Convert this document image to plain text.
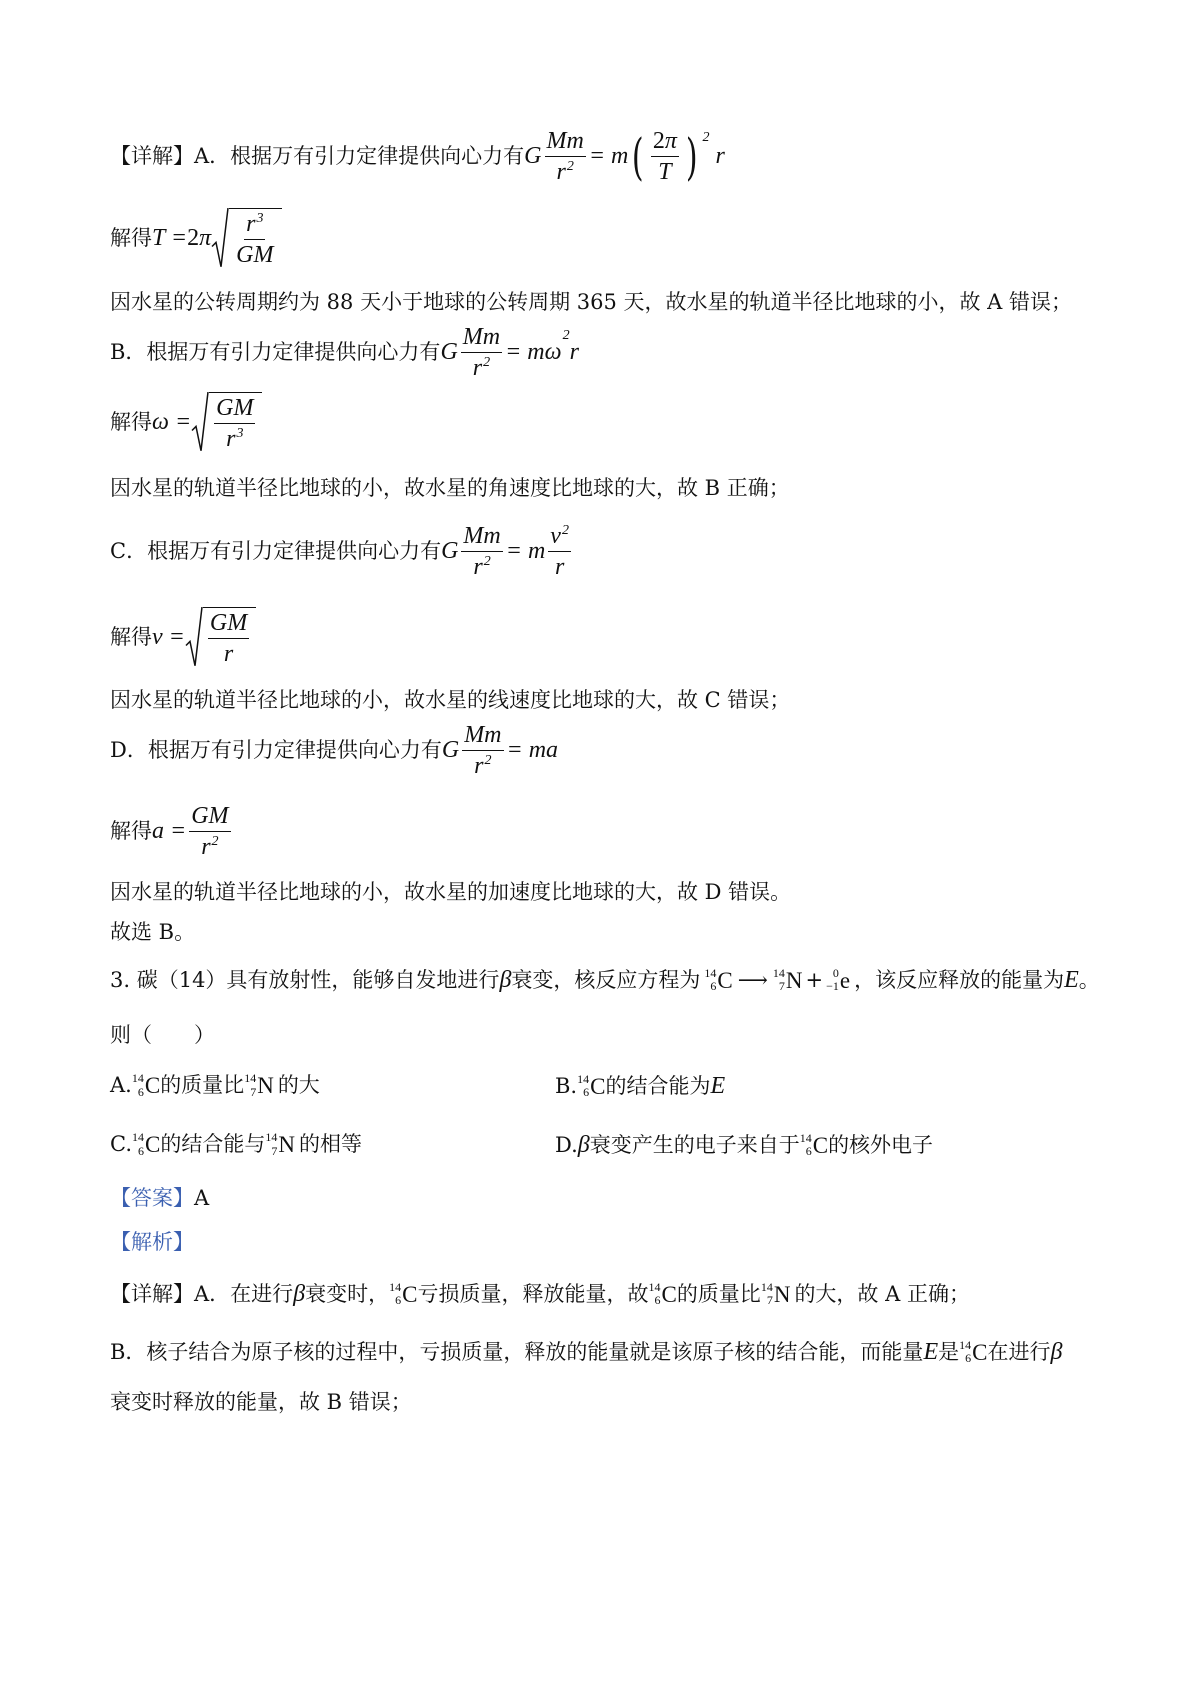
【详解】A．根据万有引力定律提供向心力有 G $\frac{Mm}{r^2} = m$ ( $\frac{2\pi}{T}$ ) $^2$
r
解得 T = 2 π $\frac{r^3}{GM}$
因水星的公转周期约为 88 天小于地球的公转周期 365 天，故水星的轨道半径比地球的小，故 A 错误；
B．根据万有引力定律提供向心力有 G $\frac{Mm}{r^2} = m\omega$
$^2$
r
解得 $\omega = \frac{GM}{r^3}$
因水星的轨道半径比地球的小，故水星的角速度比地球的大，故 B 正确；
C．根据万有引力定律提供向心力有 G $\frac{Mm}{r^2} = m \frac{v^2}{r}$
解得 $v = \frac{GM}{r}$
因水星的轨道半径比地球的小，故水星的线速度比地球的大，故 C 错误；
D．根据万有引力定律提供向心力有 G $\frac{Mm}{r^2}$ = ma
解得 $a = \frac{GM}{r^2}$
因水星的轨道半径比地球的小，故水星的加速度比地球的大，故 D 错误。
故选 B。
3. 碳（14）具有放射性，能够自发地进行 β 衰变，核反应方程为 14
6 C ⟶ 14
7 N + 0
−1 e ，该反应释放的能量为 E 。
则（　　）
A. 14
6 C 的质量比 14
7 N 的大	B. 14
6 C 的结合能为 E
C. 14
6 C 的结合能与 14
7 N 的相等	D. β 衰变产生的电子来自于 14
6 C 的核外电子
【答案】 A
【解析】
【详解】A．在进行 β 衰变时， 14
6 C 亏损质量，释放能量，故 14
6 C 的质量比 14
7 N 的大，故 A 正确；
B．核子结合为原子核的过程中，亏损质量，释放的能量就是该原子核的结合能，而能量 E 是 14
6 C 在进行 β
衰变时释放的能量，故 B 错误；
